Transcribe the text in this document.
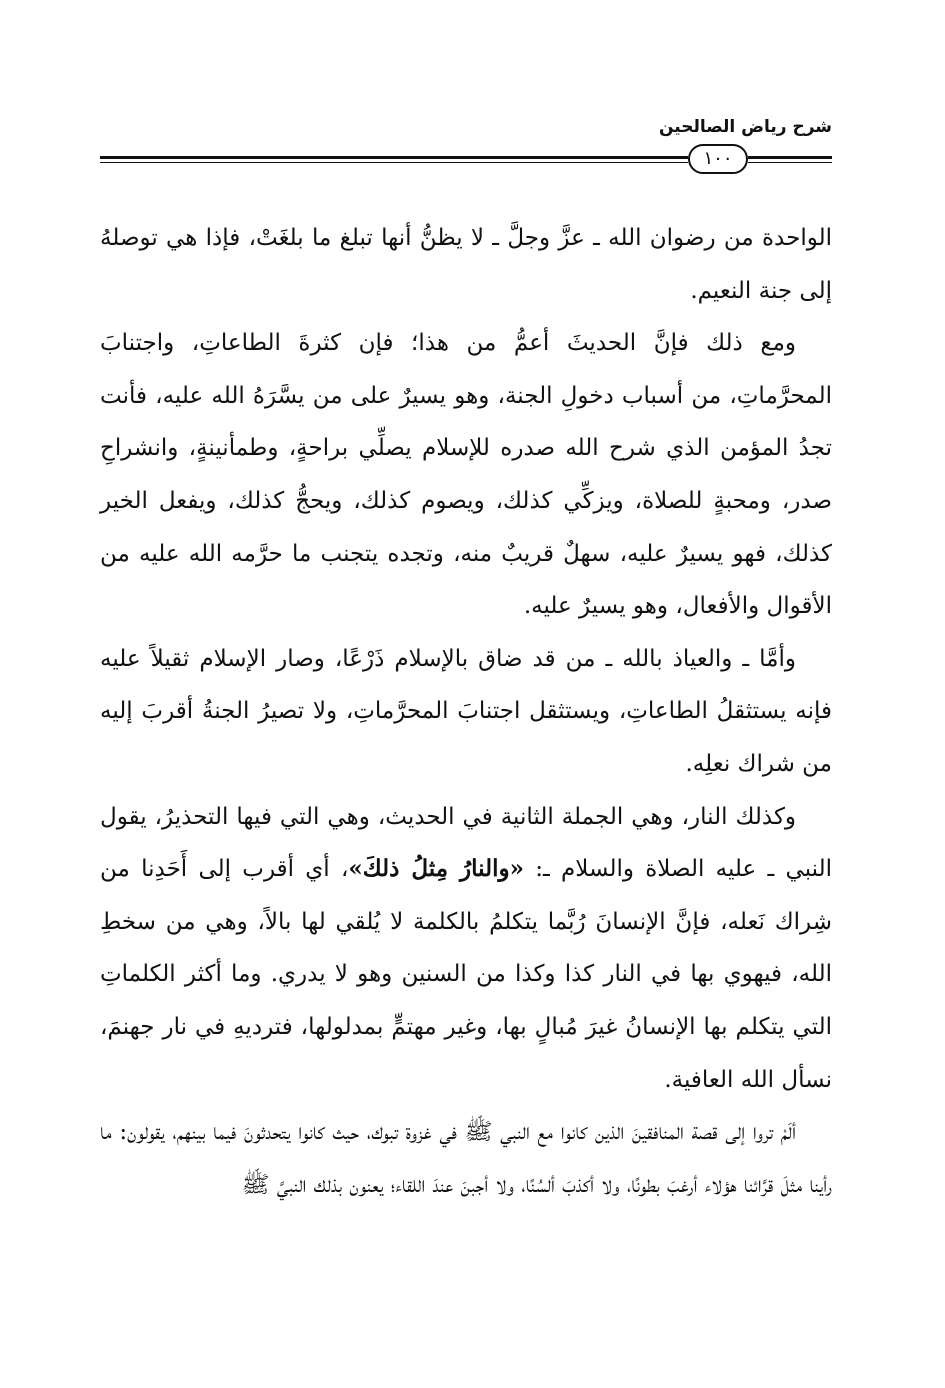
شرح رياض الصالحين
١٠٠

الواحدة من رضوان الله ـ عزَّ وجلَّ ـ لا يظنُّ أنها تبلغ ما بلغَتْ، فإذا هي توصلهُ إلى جنة النعيم.

ومع ذلك فإنَّ الحديثَ أعمُّ من هذا؛ فإن كثرةَ الطاعاتِ، واجتنابَ المحرَّماتِ، من أسباب دخولِ الجنة، وهو يسيرٌ على من يسَّرَهُ الله عليه، فأنت تجدُ المؤمن الذي شرح الله صدره للإسلام يصلِّي براحةٍ، وطمأنينةٍ، وانشراحِ صدر، ومحبةٍ للصلاة، ويزكِّي كذلك، ويصوم كذلك، ويحجُّ كذلك، ويفعل الخير كذلك، فهو يسيرٌ عليه، سهلٌ قريبٌ منه، وتجده يتجنب ما حرَّمه الله عليه من الأقوال والأفعال، وهو يسيرٌ عليه.

وأمَّا ـ والعياذ بالله ـ من قد ضاق بالإسلام ذَرْعًا، وصار الإسلام ثقيلاً عليه فإنه يستثقلُ الطاعاتِ، ويستثقل اجتنابَ المحرَّماتِ، ولا تصيرُ الجنةُ أقربَ إليه من شراك نعلِه.

وكذلك النار، وهي الجملة الثانية في الحديث، وهي التي فيها التحذيرُ، يقول النبي ـ عليه الصلاة والسلام ـ: «والنارُ مِثلُ ذلكَ»، أي أقرب إلى أَحَدِنا من شِراك نَعله، فإنَّ الإنسانَ رُبَّما يتكلمُ بالكلمة لا يُلقي لها بالاً، وهي من سخطِ الله، فيهوي بها في النار كذا وكذا من السنين وهو لا يدري. وما أكثر الكلماتِ التي يتكلم بها الإنسانُ غيرَ مُبالٍ بها، وغير مهتمٍّ بمدلولها، فترديهِ في نار جهنمَ، نسأل الله العافية.

ألَمْ تروا إلى قصة المنافقينَ الذين كانوا مع النبي ﷺ في غزوة تبوك، حيث كانوا يتحدثونَ فيما بينهم، يقولون: ما رأينا مثلَ قرَّائنا هؤلاء أرغبَ بطونًا، ولا أكذبَ ألسُنًا، ولا أجبنَ عندَ اللقاء؛ يعنون بذلك النبيَّ ﷺ
